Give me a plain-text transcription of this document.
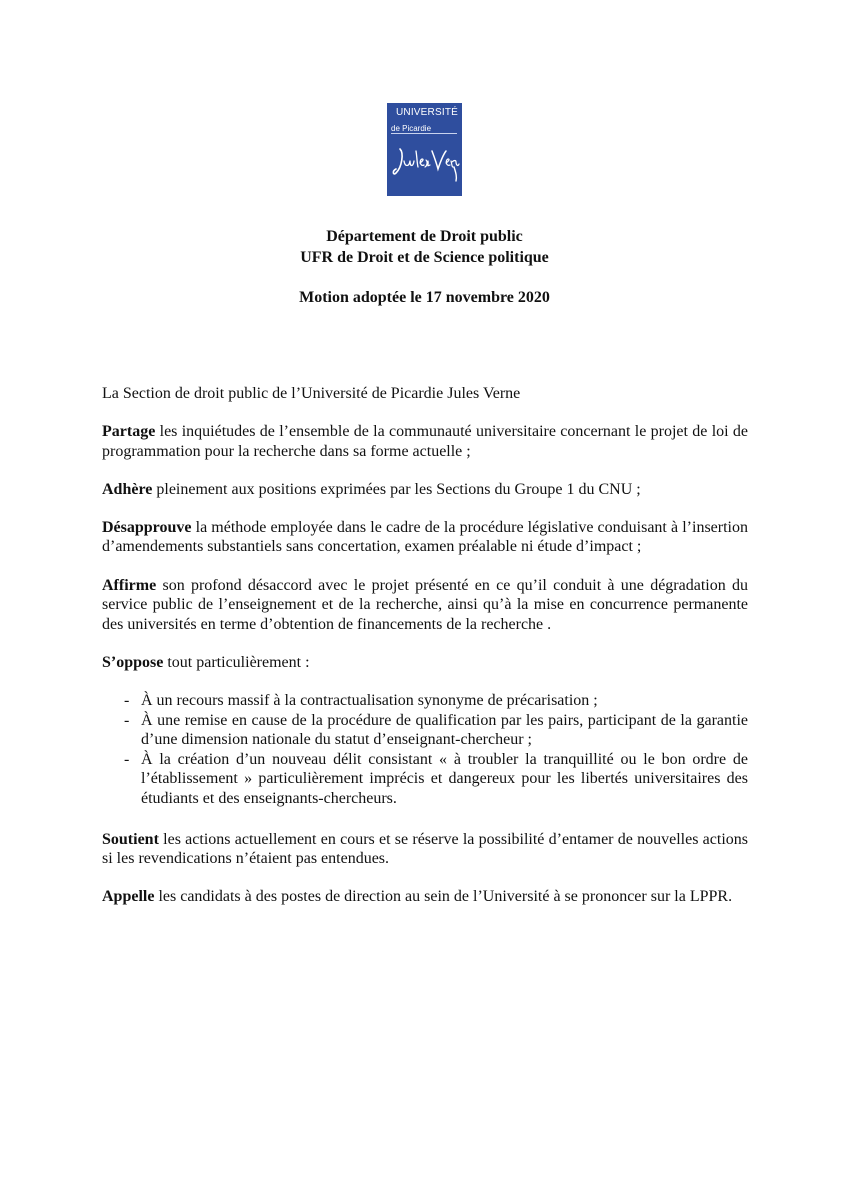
UNIVERSITÉ
de Picardie
Département de Droit public
UFR de Droit et de Science politique
Motion adoptée le 17 novembre 2020

La Section de droit public de l’Université de Picardie Jules Verne

Partage les inquiétudes de l’ensemble de la communauté universitaire concernant le projet de loi de programmation pour la recherche dans sa forme actuelle ;

Adhère pleinement aux positions exprimées par les Sections du Groupe 1 du CNU ;

Désapprouve la méthode employée dans le cadre de la procédure législative conduisant à l’insertion d’amendements substantiels sans concertation, examen préalable ni étude d’impact ;

Affirme son profond désaccord avec le projet présenté en ce qu’il conduit à une dégradation du service public de l’enseignement et de la recherche, ainsi qu’à la mise en concurrence permanente des universités en terme d’obtention de financements de la recherche .

S’oppose tout particulièrement :

- À un recours massif à la contractualisation synonyme de précarisation ;
- À une remise en cause de la procédure de qualification par les pairs, participant de la garantie d’une dimension nationale du statut d’enseignant-chercheur ;
- À la création d’un nouveau délit consistant « à troubler la tranquillité ou le bon ordre de l’établissement » particulièrement imprécis et dangereux pour les libertés universitaires des étudiants et des enseignants-chercheurs.

Soutient les actions actuellement en cours et se réserve la possibilité d’entamer de nouvelles actions si les revendications n’étaient pas entendues.

Appelle les candidats à des postes de direction au sein de l’Université à se prononcer sur la LPPR.
